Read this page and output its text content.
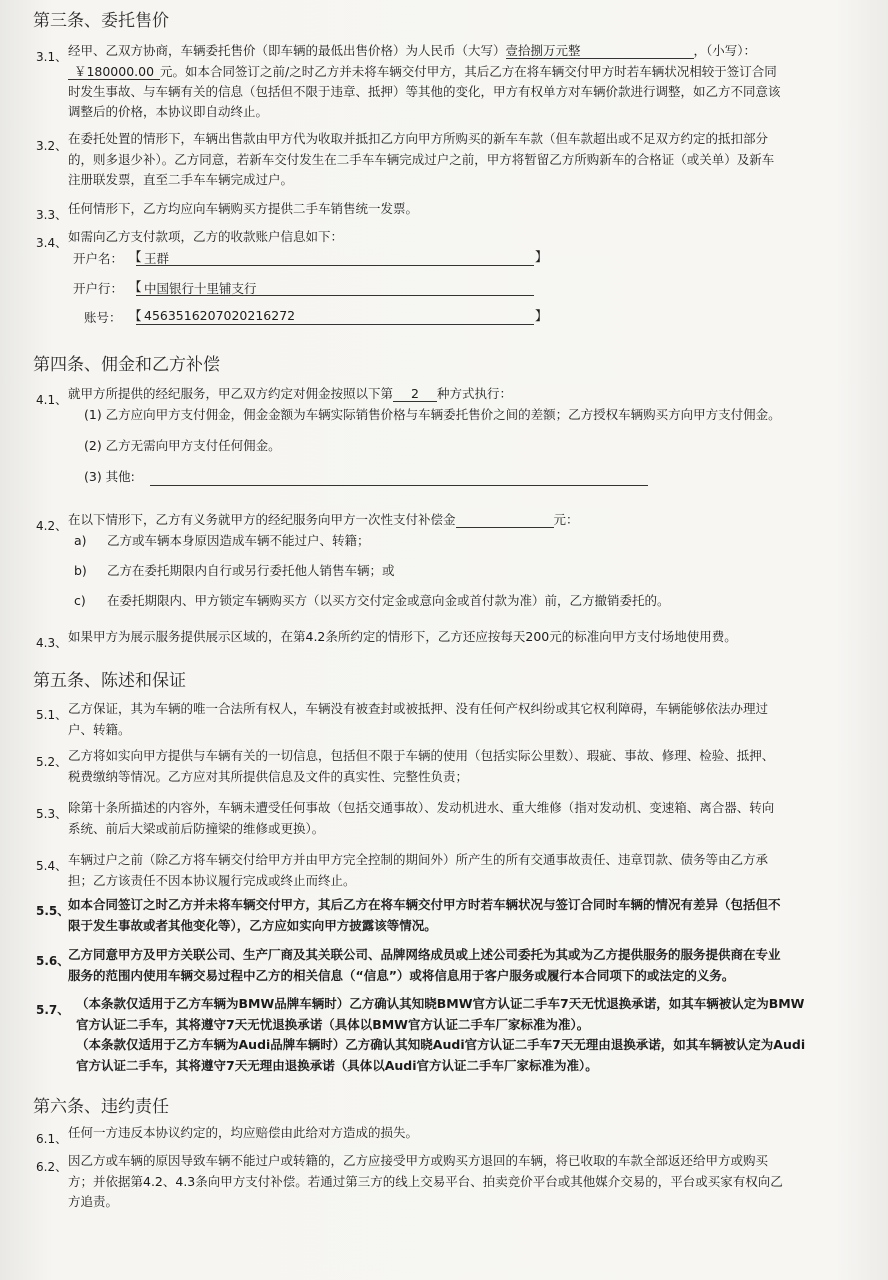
第三条、委托售价
3.1、 经甲、乙双方协商，车辆委托售价（即车辆的最低出售价格）为人民币（大写）壹拾捌万元整	，（小写）：
￥180000.00 元。如本合同签订之前/之时乙方并未将车辆交付甲方，其后乙方在将车辆交付甲方时若车辆状况相较于签订合同
时发生事故、与车辆有关的信息（包括但不限于违章、抵押）等其他的变化，甲方有权单方对车辆价款进行调整，如乙方不同意该
调整后的价格，本协议即自动终止。
3.2、 在委托处置的情形下，车辆出售款由甲方代为收取并抵扣乙方向甲方所购买的新车车款（但车款超出或不足双方约定的抵扣部分
的，则多退少补）。乙方同意，若新车交付发生在二手车车辆完成过户之前，甲方将暂留乙方所购新车的合格证（或关单）及新车
注册联发票，直至二手车车辆完成过户。
3.3、 任何情形下，乙方均应向车辆购买方提供二手车销售统一发票。
3.4、 如需向乙方支付款项，乙方的收款账户信息如下：
开户名： 【 王群	】
开户行： 【 中国银行十里铺支行
账号： 【 4563516207020216272	】
第四条、佣金和乙方补偿
4.1、 就甲方所提供的经纪服务，甲乙双方约定对佣金按照以下第 2 种方式执行：
(1) 乙方应向甲方支付佣金，佣金金额为车辆实际销售价格与车辆委托售价之间的差额；乙方授权车辆购买方向甲方支付佣金。
(2) 乙方无需向甲方支付任何佣金。
(3) 其他:
4.2、 在以下情形下，乙方有义务就甲方的经纪服务向甲方一次性支付补偿金	元：
a) 乙方或车辆本身原因造成车辆不能过户、转籍；
b) 乙方在委托期限内自行或另行委托他人销售车辆；或
c) 在委托期限内、甲方锁定车辆购买方（以买方交付定金或意向金或首付款为准）前，乙方撤销委托的。
4.3、 如果甲方为展示服务提供展示区域的，在第4.2条所约定的情形下，乙方还应按每天200元的标准向甲方支付场地使用费。
第五条、陈述和保证
5.1、 乙方保证，其为车辆的唯一合法所有权人，车辆没有被查封或被抵押、没有任何产权纠纷或其它权利障碍，车辆能够依法办理过
户、转籍。
5.2、 乙方将如实向甲方提供与车辆有关的一切信息，包括但不限于车辆的使用（包括实际公里数）、瑕疵、事故、修理、检验、抵押、
税费缴纳等情况。乙方应对其所提供信息及文件的真实性、完整性负责；
5.3、 除第十条所描述的内容外，车辆未遭受任何事故（包括交通事故）、发动机进水、重大维修（指对发动机、变速箱、离合器、转向
系统、前后大梁或前后防撞梁的维修或更换）。
5.4、 车辆过户之前（除乙方将车辆交付给甲方并由甲方完全控制的期间外）所产生的所有交通事故责任、违章罚款、债务等由乙方承
担；乙方该责任不因本协议履行完成或终止而终止。
5.5、
如本合同签订之时乙方并未将车辆交付甲方，其后乙方在将车辆交付甲方时若车辆状况与签订合同时车辆的情况有差异（包括但不
限于发生事故或者其他变化等），乙方应如实向甲方披露该等情况。
5.6、
乙方同意甲方及甲方关联公司、生产厂商及其关联公司、品牌网络成员或上述公司委托为其或为乙方提供服务的服务提供商在专业
服务的范围内使用车辆交易过程中乙方的相关信息（“信息”）或将信息用于客户服务或履行本合同项下的或法定的义务。
5.7、 （本条款仅适用于乙方车辆为BMW品牌车辆时）乙方确认其知晓BMW官方认证二手车7天无忧退换承诺，如其车辆被认定为BMW
官方认证二手车，其将遵守7天无忧退换承诺（具体以BMW官方认证二手车厂家标准为准）。
（本条款仅适用于乙方车辆为Audi品牌车辆时）乙方确认其知晓Audi官方认证二手车7天无理由退换承诺，如其车辆被认定为Audi
官方认证二手车，其将遵守7天无理由退换承诺（具体以Audi官方认证二手车厂家标准为准）。
第六条、违约责任
6.1、 任何一方违反本协议约定的，均应赔偿由此给对方造成的损失。
6.2、 因乙方或车辆的原因导致车辆不能过户或转籍的，乙方应接受甲方或购买方退回的车辆，将已收取的车款全部返还给甲方或购买
方；并依据第4.2、4.3条向甲方支付补偿。若通过第三方的线上交易平台、拍卖竞价平台或其他媒介交易的，平台或买家有权向乙
方追责。
